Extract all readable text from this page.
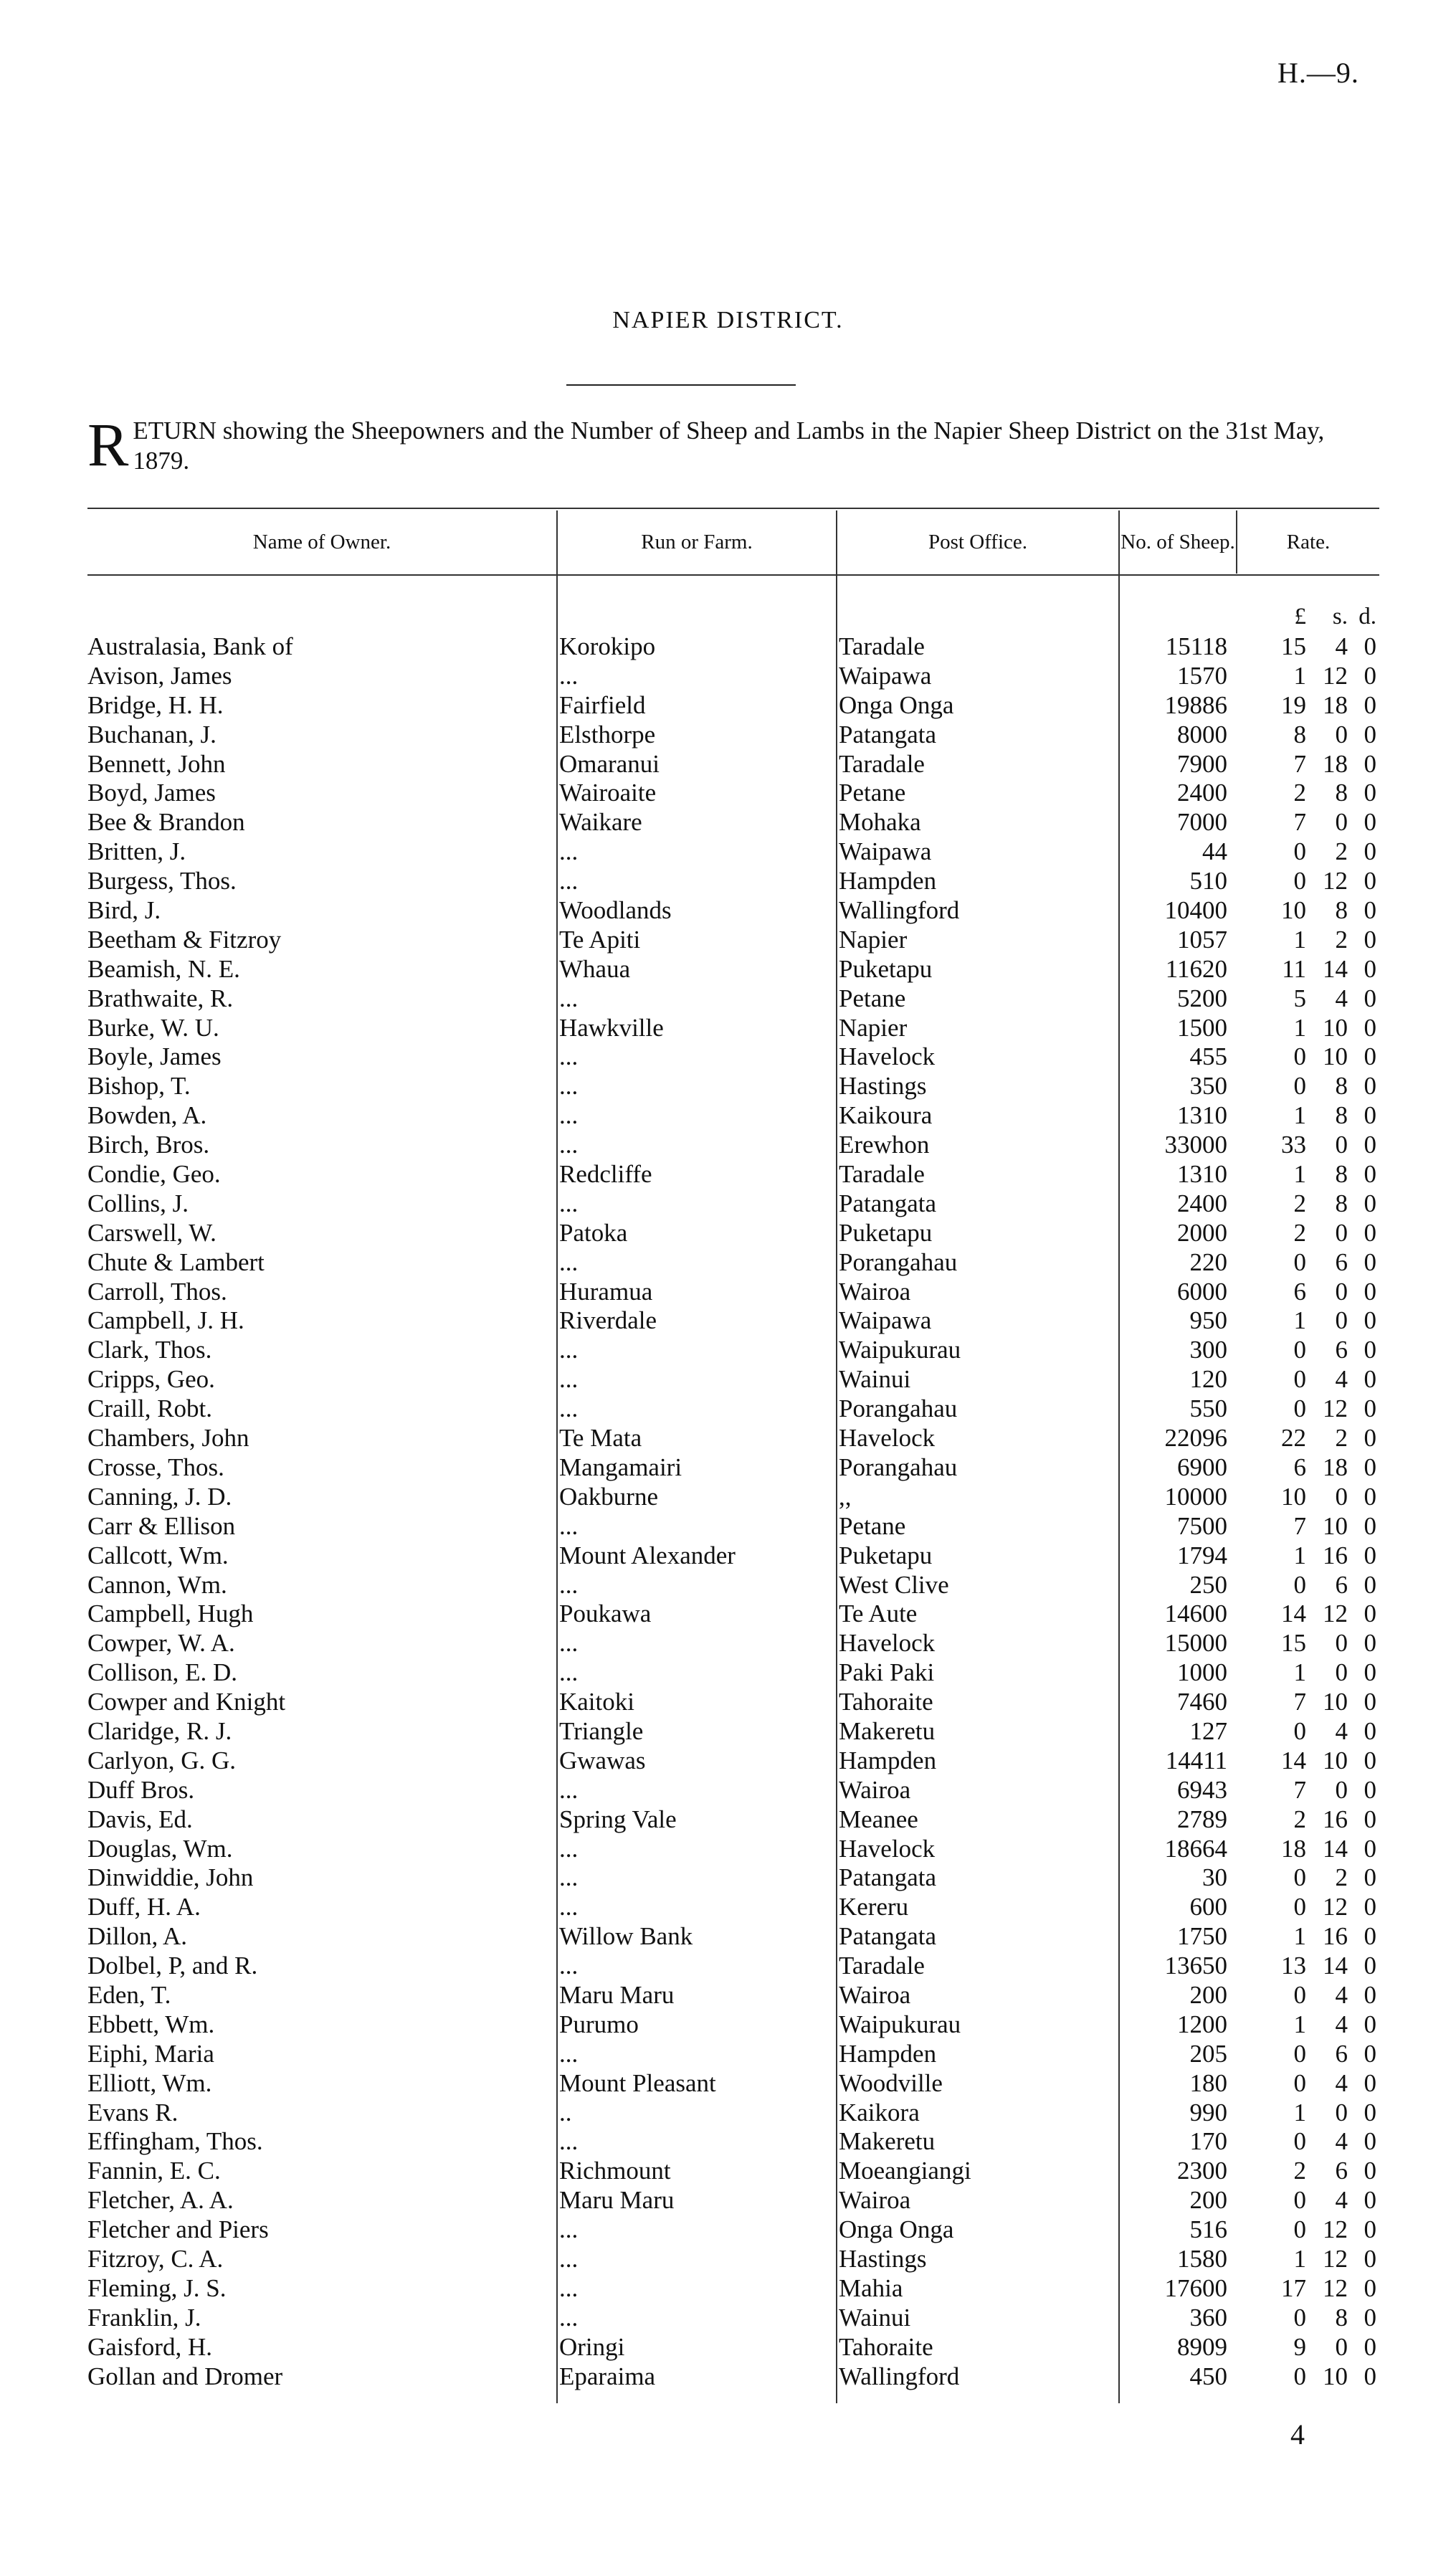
H.—9.
NAPIER DISTRICT.
R ETURN showing the Sheepowners and the Number of Sheep and Lambs in the Napier Sheep District on the 31st May, 1879.
Name of Owner.	Run or Farm.	Post Office.	No. of Sheep.	Rate.
£	s. d.
Australasia, Bank of	Korokipo	Taradale	15118	15	4 0
Avison, James	...	Waipawa	1570	1 12 0
Bridge, H. H.	Fairfield	Onga Onga	19886	19 18 0
Buchanan, J.	Elsthorpe	Patangata	8000	8	0 0
Bennett, John	Omaranui	Taradale	7900	7 18 0
Boyd, James	Wairoaite	Petane	2400	2	8 0
Bee & Brandon	Waikare	Mohaka	7000	7	0 0
Britten, J.	...	Waipawa	44	0	2 0
Burgess, Thos.	...	Hampden	510	0 12 0
Bird, J.	Woodlands	Wallingford	10400	10	8 0
Beetham & Fitzroy	Te Apiti	Napier	1057	1	2 0
Beamish, N. E.	Whaua	Puketapu	11620	11 14 0
Brathwaite, R.	...	Petane	5200	5	4 0
Burke, W. U.	Hawkville	Napier	1500	1 10 0
Boyle, James	...	Havelock	455	0 10 0
Bishop, T.	...	Hastings	350	0	8 0
Bowden, A.	...	Kaikoura	1310	1	8 0
Birch, Bros.	...	Erewhon	33000	33	0 0
Condie, Geo.	Redcliffe	Taradale	1310	1	8 0
Collins, J.	...	Patangata	2400	2	8 0
Carswell, W.	Patoka	Puketapu	2000	2	0 0
Chute & Lambert	...	Porangahau	220	0	6 0
Carroll, Thos.	Huramua	Wairoa	6000	6	0 0
Campbell, J. H.	Riverdale	Waipawa	950	1	0 0
Clark, Thos.	...	Waipukurau	300	0	6 0
Cripps, Geo.	...	Wainui	120	0	4 0
Craill, Robt.	...	Porangahau	550	0 12 0
Chambers, John	Te Mata	Havelock	22096	22	2 0
Crosse, Thos.	Mangamairi	Porangahau	6900	6 18 0
Canning, J. D.	Oakburne	,,	10000	10	0 0
Carr & Ellison	...	Petane	7500	7 10 0
Callcott, Wm.	Mount Alexander	Puketapu	1794	1 16 0
Cannon, Wm.	...	West Clive	250	0	6 0
Campbell, Hugh	Poukawa	Te Aute	14600	14 12 0
Cowper, W. A.	...	Havelock	15000	15	0 0
Collison, E. D.	...	Paki Paki	1000	1	0 0
Cowper and Knight	Kaitoki	Tahoraite	7460	7 10 0
Claridge, R. J.	Triangle	Makeretu	127	0	4 0
Carlyon, G. G.	Gwawas	Hampden	14411	14 10 0
Duff Bros.	...	Wairoa	6943	7	0 0
Davis, Ed.	Spring Vale	Meanee	2789	2 16 0
Douglas, Wm.	...	Havelock	18664	18 14 0
Dinwiddie, John	...	Patangata	30	0	2 0
Duff, H. A.	...	Kereru	600	0 12 0
Dillon, A.	Willow Bank	Patangata	1750	1 16 0
Dolbel, P, and R.	...	Taradale	13650	13 14 0
Eden, T.	Maru Maru	Wairoa	200	0	4 0
Ebbett, Wm.	Purumo	Waipukurau	1200	1	4 0
Eiphi, Maria	...	Hampden	205	0	6 0
Elliott, Wm.	Mount Pleasant	Woodville	180	0	4 0
Evans R.	..	Kaikora	990	1	0 0
Effingham, Thos.	...	Makeretu	170	0	4 0
Fannin, E. C.	Richmount	Moeangiangi	2300	2	6 0
Fletcher, A. A.	Maru Maru	Wairoa	200	0	4 0
Fletcher and Piers	...	Onga Onga	516	0 12 0
Fitzroy, C. A.	...	Hastings	1580	1 12 0
Fleming, J. S.	...	Mahia	17600	17 12 0
Franklin, J.	...	Wainui	360	0	8 0
Gaisford, H.	Oringi	Tahoraite	8909	9	0 0
Gollan and Dromer	Eparaima	Wallingford	450	0 10 0
4
